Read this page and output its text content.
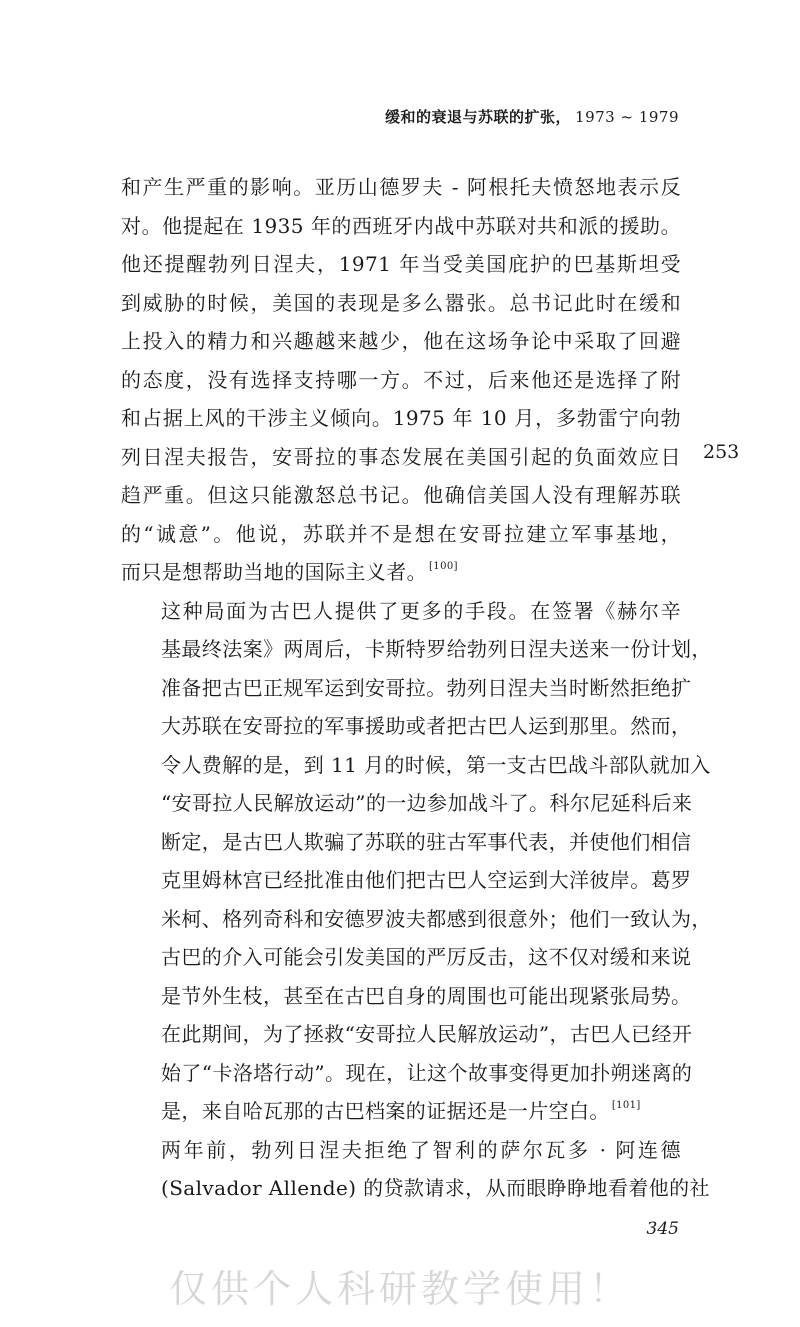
缓和的衰退与苏联的扩张， 1973 ~ 1979
253

和产生严重的影响。亚历山德罗夫 - 阿根托夫愤怒地表示反
对。他提起在 1935 年的西班牙内战中苏联对共和派的援助。
他还提醒勃列日涅夫，1971 年当受美国庇护的巴基斯坦受
到威胁的时候，美国的表现是多么嚣张。总书记此时在缓和
上投入的精力和兴趣越来越少，他在这场争论中采取了回避
的态度，没有选择支持哪一方。不过，后来他还是选择了附
和占据上风的干涉主义倾向。1975 年 10 月，多勃雷宁向勃
列日涅夫报告，安哥拉的事态发展在美国引起的负面效应日
趋严重。但这只能激怒总书记。他确信美国人没有理解苏联
的“诚意”。他说，苏联并不是想在安哥拉建立军事基地，
而只是想帮助当地的国际主义者。 [100]

这种局面为古巴人提供了更多的手段。在签署《赫尔辛
基最终法案》两周后，卡斯特罗给勃列日涅夫送来一份计划，
准备把古巴正规军运到安哥拉。勃列日涅夫当时断然拒绝扩
大苏联在安哥拉的军事援助或者把古巴人运到那里。然而，
令人费解的是，到 11 月的时候，第一支古巴战斗部队就加入
“安哥拉人民解放运动”的一边参加战斗了。科尔尼延科后来
断定，是古巴人欺骗了苏联的驻古军事代表，并使他们相信
克里姆林宫已经批准由他们把古巴人空运到大洋彼岸。葛罗
米柯、格列奇科和安德罗波夫都感到很意外；他们一致认为，
古巴的介入可能会引发美国的严厉反击，这不仅对缓和来说
是节外生枝，甚至在古巴自身的周围也可能出现紧张局势。
在此期间，为了拯救“安哥拉人民解放运动”，古巴人已经开
始了“卡洛塔行动”。现在，让这个故事变得更加扑朔迷离的
是，来自哈瓦那的古巴档案的证据还是一片空白。 [101]

两年前，勃列日涅夫拒绝了智利的萨尔瓦多 · 阿连德
(Salvador Allende) 的贷款请求，从而眼睁睁地看着他的社

345
仅供个人科研教学使用！
